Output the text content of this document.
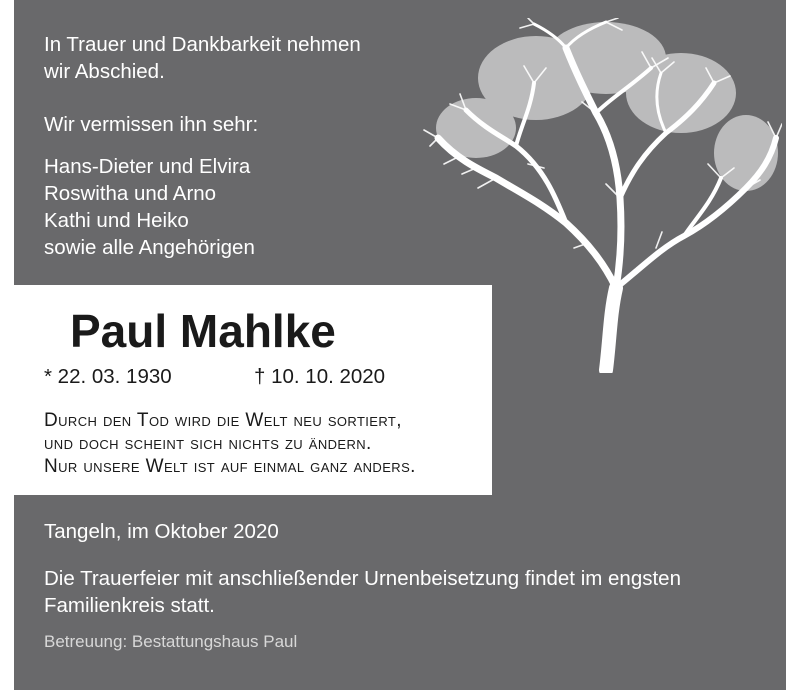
In Trauer und Dankbarkeit nehmen
wir Abschied.
Wir vermissen ihn sehr:
Hans-Dieter und Elvira
Roswitha und Arno
Kathi und Heiko
sowie alle Angehörigen
Paul Mahlke
* 22. 03. 1930	† 10. 10. 2020
Durch den Tod wird die Welt neu sortiert,
und doch scheint sich nichts zu ändern.
Nur unsere Welt ist auf einmal ganz anders.
Tangeln, im Oktober 2020
Die Trauerfeier mit anschließender Urnenbeisetzung findet im engsten
Familienkreis statt.
Betreuung: Bestattungshaus Paul
